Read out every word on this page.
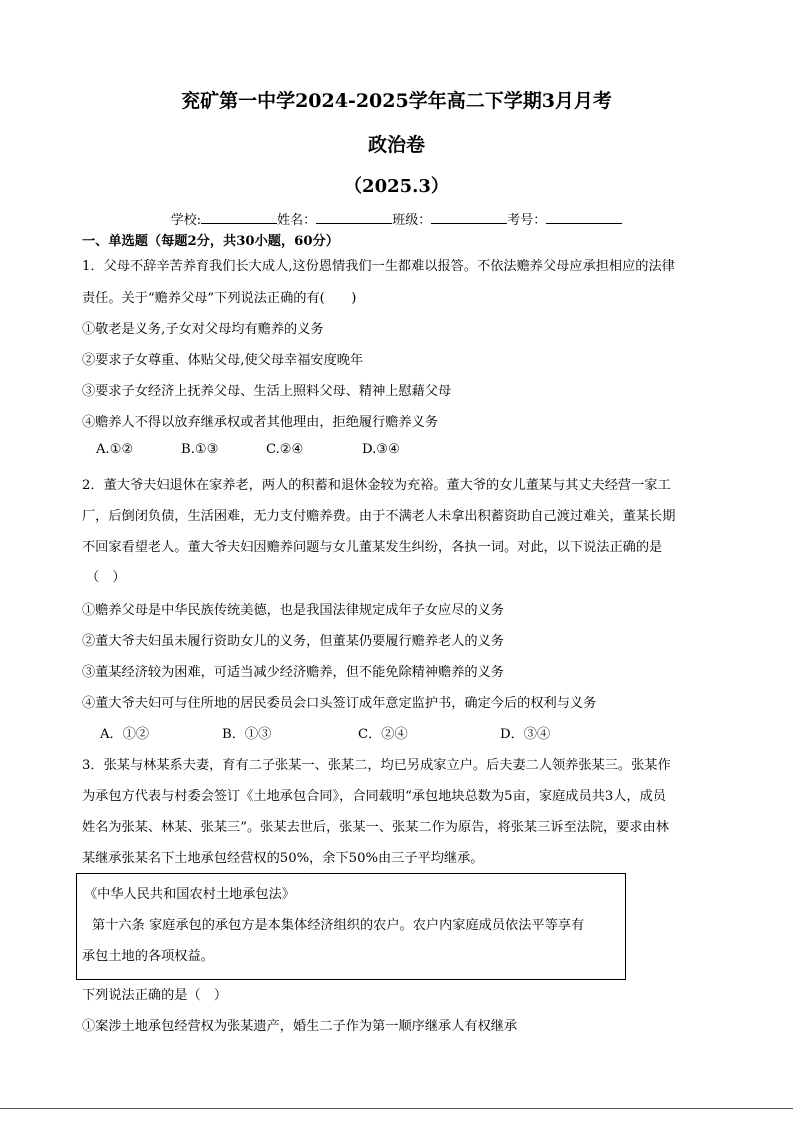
兖矿第一中学2024-2025学年高二下学期3月月考
政治卷
（2025.3）
学校:	姓名：	班级：	考号：
一、单选题（每题2分，共30小题，60分）
1．父母不辞辛苦养育我们长大成人,这份恩情我们一生都难以报答。不依法赡养父母应承担相应的法律
责任。关于“赡养父母”下列说法正确的有(　　)
①敬老是义务,子女对父母均有赡养的义务
②要求子女尊重、体贴父母,使父母幸福安度晚年
③要求子女经济上抚养父母、生活上照料父母、精神上慰藉父母
④赡养人不得以放弃继承权或者其他理由，拒绝履行赡养义务
A.①②	B.①③	C.②④	D.③④
2．董大爷夫妇退休在家养老，两人的积蓄和退休金较为充裕。董大爷的女儿董某与其丈夫经营一家工
厂，后倒闭负债，生活困难，无力支付赡养费。由于不满老人未拿出积蓄资助自己渡过难关，董某长期
不回家看望老人。董大爷夫妇因赡养问题与女儿董某发生纠纷，各执一词。对此，以下说法正确的是
（　）
①赡养父母是中华民族传统美德，也是我国法律规定成年子女应尽的义务
②董大爷夫妇虽未履行资助女儿的义务，但董某仍要履行赡养老人的义务
③董某经济较为困难，可适当减少经济赡养，但不能免除精神赡养的义务
④董大爷夫妇可与住所地的居民委员会口头签订成年意定监护书，确定今后的权利与义务
A．①②	B．①③	C．②④	D．③④
3．张某与林某系夫妻，育有二子张某一、张某二，均已另成家立户。后夫妻二人领养张某三。张某作
为承包方代表与村委会签订《土地承包合同》，合同载明“承包地块总数为5亩，家庭成员共3人，成员
姓名为张某、林某、张某三”。张某去世后，张某一、张某二作为原告，将张某三诉至法院，要求由林
某继承张某名下土地承包经营权的50%，余下50%由三子平均继承。
《中华人民共和国农村土地承包法》
第十六条 家庭承包的承包方是本集体经济组织的农户。农户内家庭成员依法平等享有
承包土地的各项权益。
下列说法正确的是（　）
①案涉土地承包经营权为张某遗产，婚生二子作为第一顺序继承人有权继承
